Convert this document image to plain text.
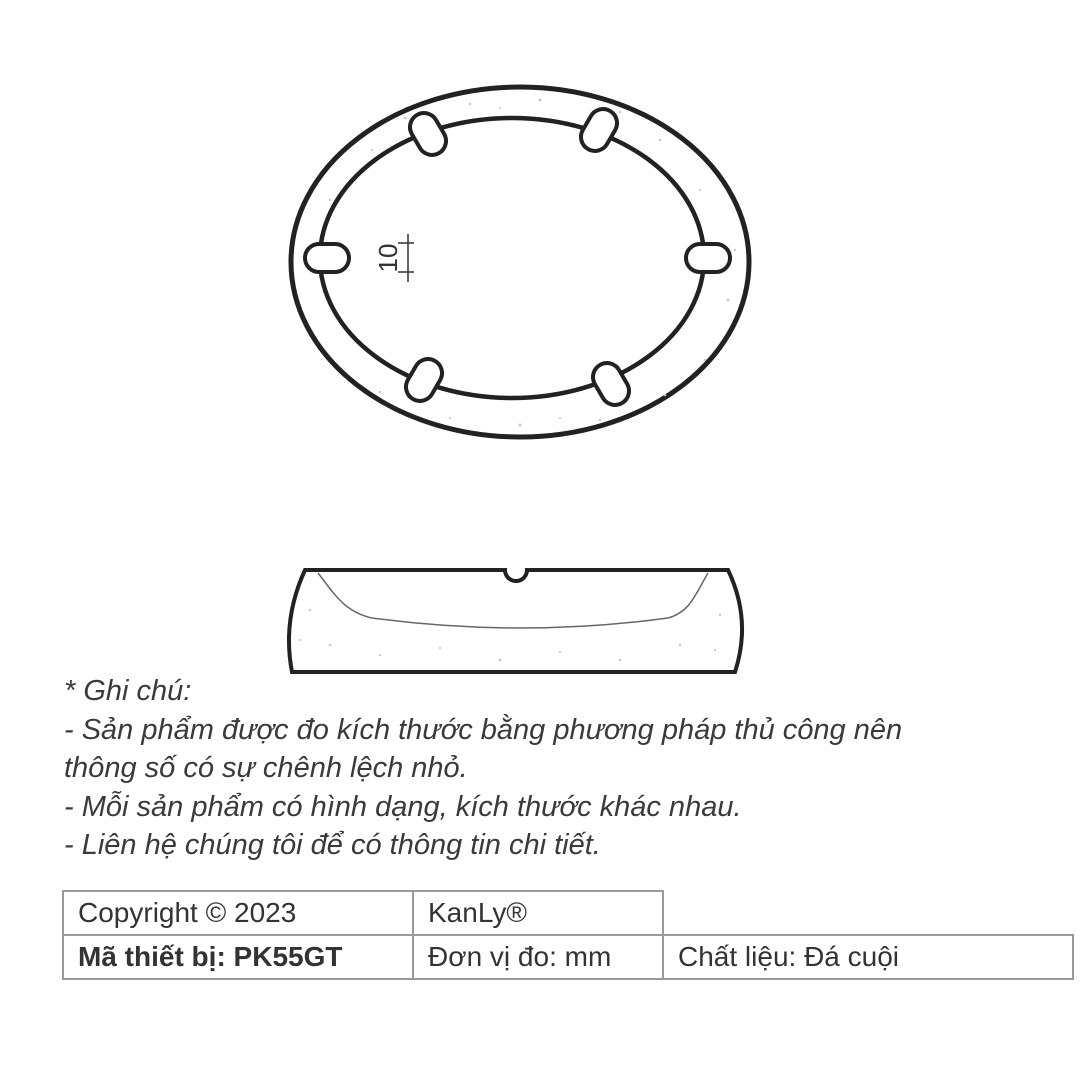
10
* Ghi chú:
- Sản phẩm được đo kích thước bằng phương pháp thủ công nên
thông số có sự chênh lệch nhỏ.
- Mỗi sản phẩm có hình dạng, kích thước khác nhau.
- Liên hệ chúng tôi để có thông tin chi tiết.
Copyright © 2023	KanLy®	
Mã thiết bị: PK55GT	Đơn vị đo: mm	Chất liệu: Đá cuội
